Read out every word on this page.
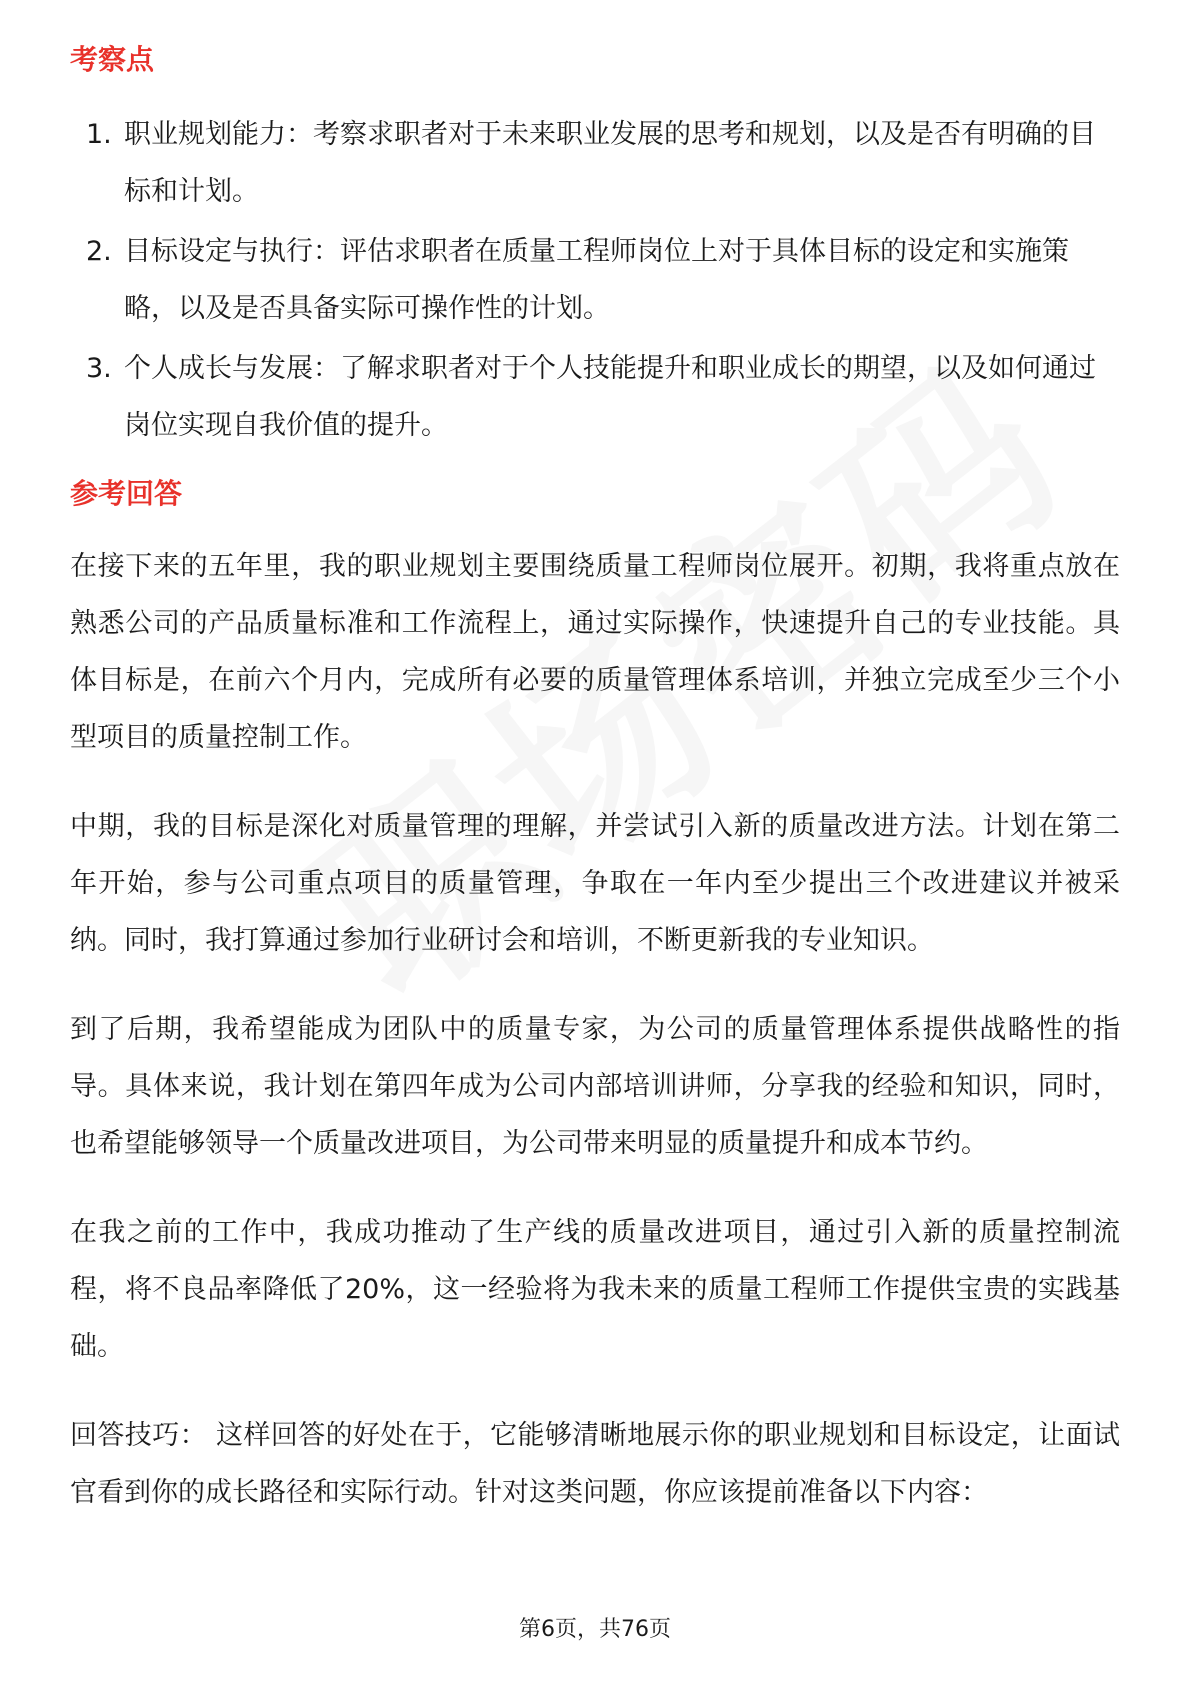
考察点
1. 职业规划能力：考察求职者对于未来职业发展的思考和规划，以及是否有明确的目标和计划。
2. 目标设定与执行：评估求职者在质量工程师岗位上对于具体目标的设定和实施策略，以及是否具备实际可操作性的计划。
3. 个人成长与发展：了解求职者对于个人技能提升和职业成长的期望，以及如何通过岗位实现自我价值的提升。
参考回答

在接下来的五年里，我的职业规划主要围绕质量工程师岗位展开。初期，我将重点放在熟悉公司的产品质量标准和工作流程上，通过实际操作，快速提升自己的专业技能。具体目标是，在前六个月内，完成所有必要的质量管理体系培训，并独立完成至少三个小型项目的质量控制工作。

中期，我的目标是深化对质量管理的理解，并尝试引入新的质量改进方法。计划在第二年开始，参与公司重点项目的质量管理，争取在一年内至少提出三个改进建议并被采纳。同时，我打算通过参加行业研讨会和培训，不断更新我的专业知识。

到了后期，我希望能成为团队中的质量专家，为公司的质量管理体系提供战略性的指导。具体来说，我计划在第四年成为公司内部培训讲师，分享我的经验和知识，同时，也希望能够领导一个质量改进项目，为公司带来明显的质量提升和成本节约。

在我之前的工作中，我成功推动了生产线的质量改进项目，通过引入新的质量控制流程，将不良品率降低了20%，这一经验将为我未来的质量工程师工作提供宝贵的实践基础。

回答技巧： 这样回答的好处在于，它能够清晰地展示你的职业规划和目标设定，让面试官看到你的成长路径和实际行动。针对这类问题，你应该提前准备以下内容：

第6页，共76页
